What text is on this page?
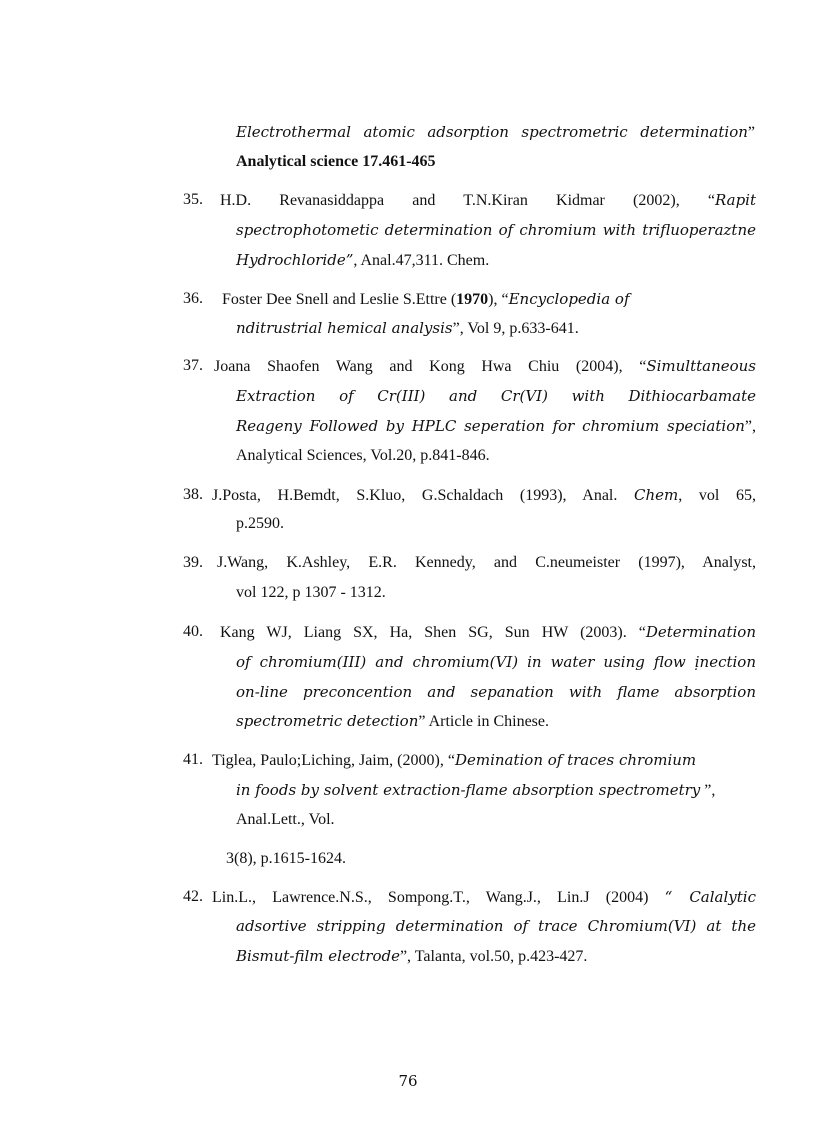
Electrothermal atomic adsorption spectrometric determination”
Analytical science 17.461-465
35. H.D. Revanasiddappa and T.N.Kiran Kidmar (2002), “Rapit
spectrophotometic determination of chromium with trifluoperaztne
Hydrochloride”, Anal.47,311. Chem.
36. Foster Dee Snell and Leslie S.Ettre (1970), “Encyclopedia of
nditrustrial hemical analysis”, Vol 9, p.633-641.
37. Joana Shaofen Wang and Kong Hwa Chiu (2004), “Simulttaneous
Extraction of Cr(III) and Cr(VI) with Dithiocarbamate
Reageny Followed by HPLC seperation for chromium speciation”,
Analytical Sciences, Vol.20, p.841-846.
38. J.Posta, H.Bemdt, S.Kluo, G.Schaldach (1993), Anal. Chem, vol 65,
p.2590.
39. J.Wang, K.Ashley, E.R. Kennedy, and C.neumeister (1997), Analyst,
vol 122, p 1307 - 1312.
40. Kang WJ, Liang SX, Ha, Shen SG, Sun HW (2003). “Determination
of chromium(III) and chromium(VI) in water using flow ịnection
on-line preconcention and sepanation with flame absorption
spectrometric detection” Article in Chinese.
41. Tiglea, Paulo;Liching, Jaim, (2000), “Demination of traces chromium
in foods by solvent extraction-flame absorption spectrometry ”,
Anal.Lett., Vol.
3(8), p.1615-1624.
42. Lin.L., Lawrence.N.S., Sompong.T., Wang.J., Lin.J (2004) “ Calalytic
adsortive stripping determination of trace Chromium(VI) at the
Bismut-film electrode”, Talanta, vol.50, p.423-427.
76
